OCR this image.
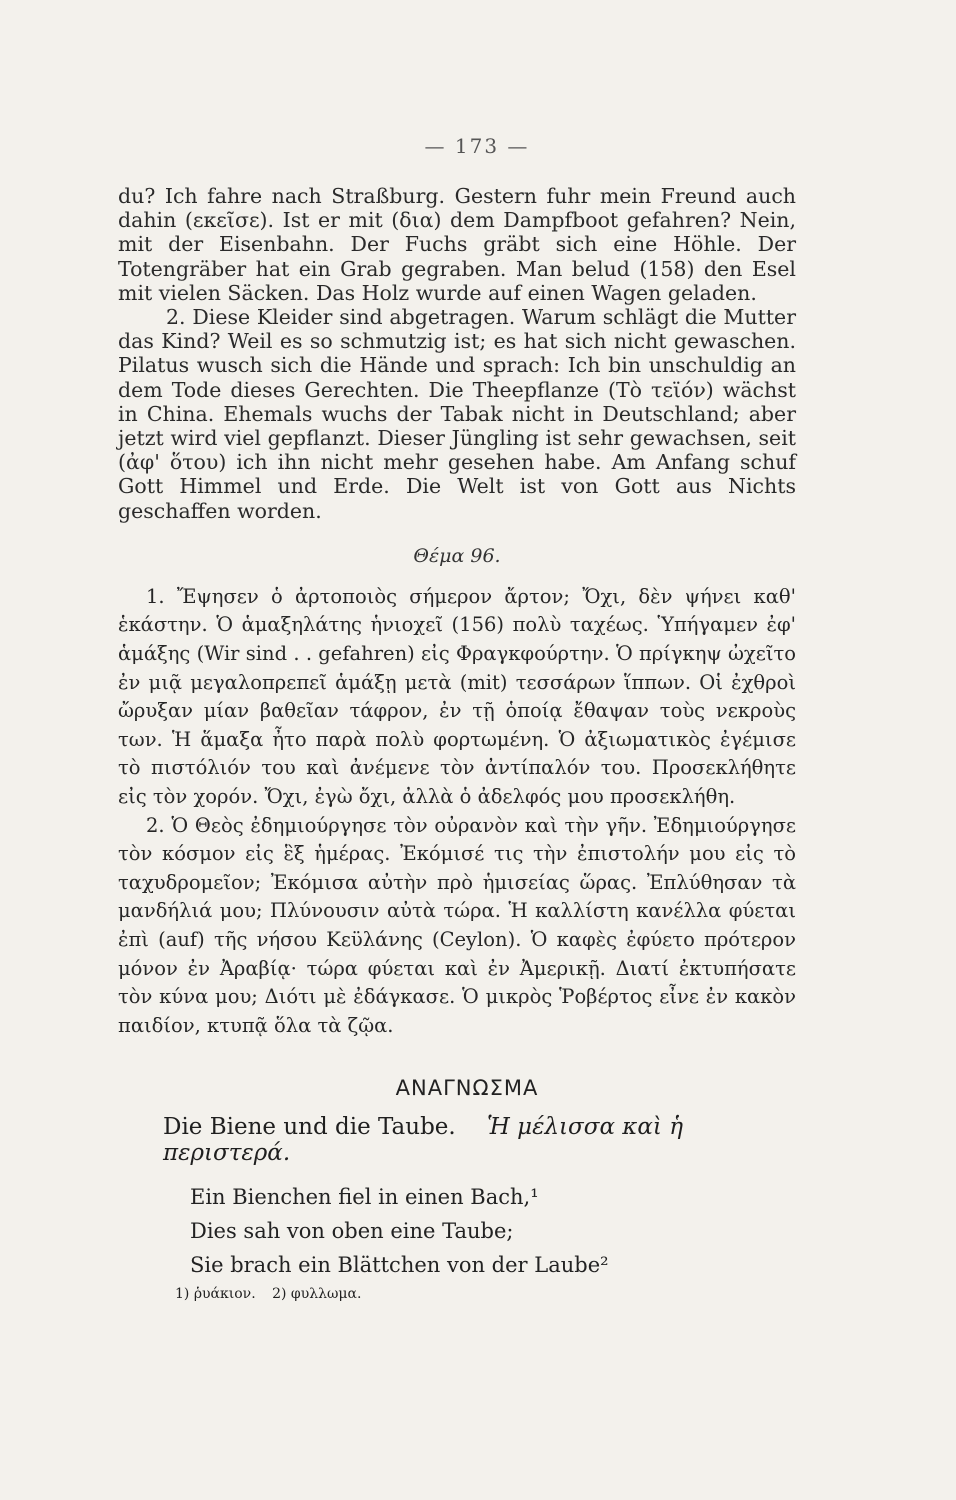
— 173 —

du? Ich fahre nach Straßburg. Gestern fuhr mein Freund auch dahin (εκεῖσε). Ist er mit (δια) dem Dampfboot gefahren? Nein, mit der Eisenbahn. Der Fuchs gräbt sich eine Höhle. Der Totengräber hat ein Grab gegraben. Man belud (158) den Esel mit vielen Säcken. Das Holz wurde auf einen Wagen geladen.

2. Diese Kleider sind abgetragen. Warum schlägt die Mutter das Kind? Weil es so schmutzig ist; es hat sich nicht gewaschen. Pilatus wusch sich die Hände und sprach: Ich bin unschuldig an dem Tode dieses Gerechten. Die Theepflanze (Τὸ τεϊόν) wächst in China. Ehemals wuchs der Tabak nicht in Deutschland; aber jetzt wird viel gepflanzt. Dieser Jüngling ist sehr gewachsen, seit (ἀφ' ὅτου) ich ihn nicht mehr gesehen habe. Am Anfang schuf Gott Himmel und Erde. Die Welt ist von Gott aus Nichts geschaffen worden.

Θέμα 96.

1. Ἔψησεν ὁ ἀρτοποιὸς σήμερον ἄρτον; Ὄχι, δὲν ψήνει καθ' ἑκάστην. Ὁ ἁμαξηλάτης ἡνιοχεῖ (156) πολὺ ταχέως. Ὑπήγαμεν ἐφ' ἁμάξης (Wir sind . . gefahren) εἰς Φραγκφούρτην. Ὁ πρίγκηψ ὠχεῖτο ἐν μιᾷ μεγαλοπρεπεῖ ἁμάξῃ μετὰ (mit) τεσσάρων ἵππων. Οἱ ἐχθροὶ ὤρυξαν μίαν βαθεῖαν τάφρον, ἐν τῇ ὁποίᾳ ἔθαψαν τοὺς νεκροὺς των. Ἡ ἅμαξα ἦτο παρὰ πολὺ φορτωμένη. Ὁ ἀξιωματικὸς ἐγέμισε τὸ πιστόλιόν του καὶ ἀνέμενε τὸν ἀντίπαλόν του. Προσεκλήθητε εἰς τὸν χορόν. Ὄχι, ἐγὼ ὄχι, ἀλλὰ ὁ ἀδελφός μου προσεκλήθη.

2. Ὁ Θεὸς ἐδημιούργησε τὸν οὐρανὸν καὶ τὴν γῆν. Ἐδημιούργησε τὸν κόσμον εἰς ἓξ ἡμέρας. Ἐκόμισέ τις τὴν ἐπιστολήν μου εἰς τὸ ταχυδρομεῖον; Ἐκόμισα αὐτὴν πρὸ ἡμισείας ὥρας. Ἐπλύθησαν τὰ μανδήλιά μου; Πλύνουσιν αὐτὰ τώρα. Ἡ καλλίστη κανέλλα φύεται ἐπὶ (auf) τῆς νήσου Κεϋλάνης (Ceylon). Ὁ καφὲς ἐφύετο πρότερον μόνον ἐν Ἀραβίᾳ· τώρα φύεται καὶ ἐν Ἀμερικῇ. Διατί ἐκτυπήσατε τὸν κύνα μου; Διότι μὲ ἐδάγκασε. Ὁ μικρὸς Ῥοβέρτος εἶνε ἐν κακὸν παιδίον, κτυπᾷ ὅλα τὰ ζῷα.

ΑΝΑΓΝΩΣΜΑ
Die Biene und die Taube. Ἡ μέλισσα καὶ ἡ περιστερά.
Ein Bienchen fiel in einen Bach,¹
Dies sah von oben eine Taube;
Sie brach ein Blättchen von der Laube²
1) ῥυάκιον. 2) φυλλωμα.
